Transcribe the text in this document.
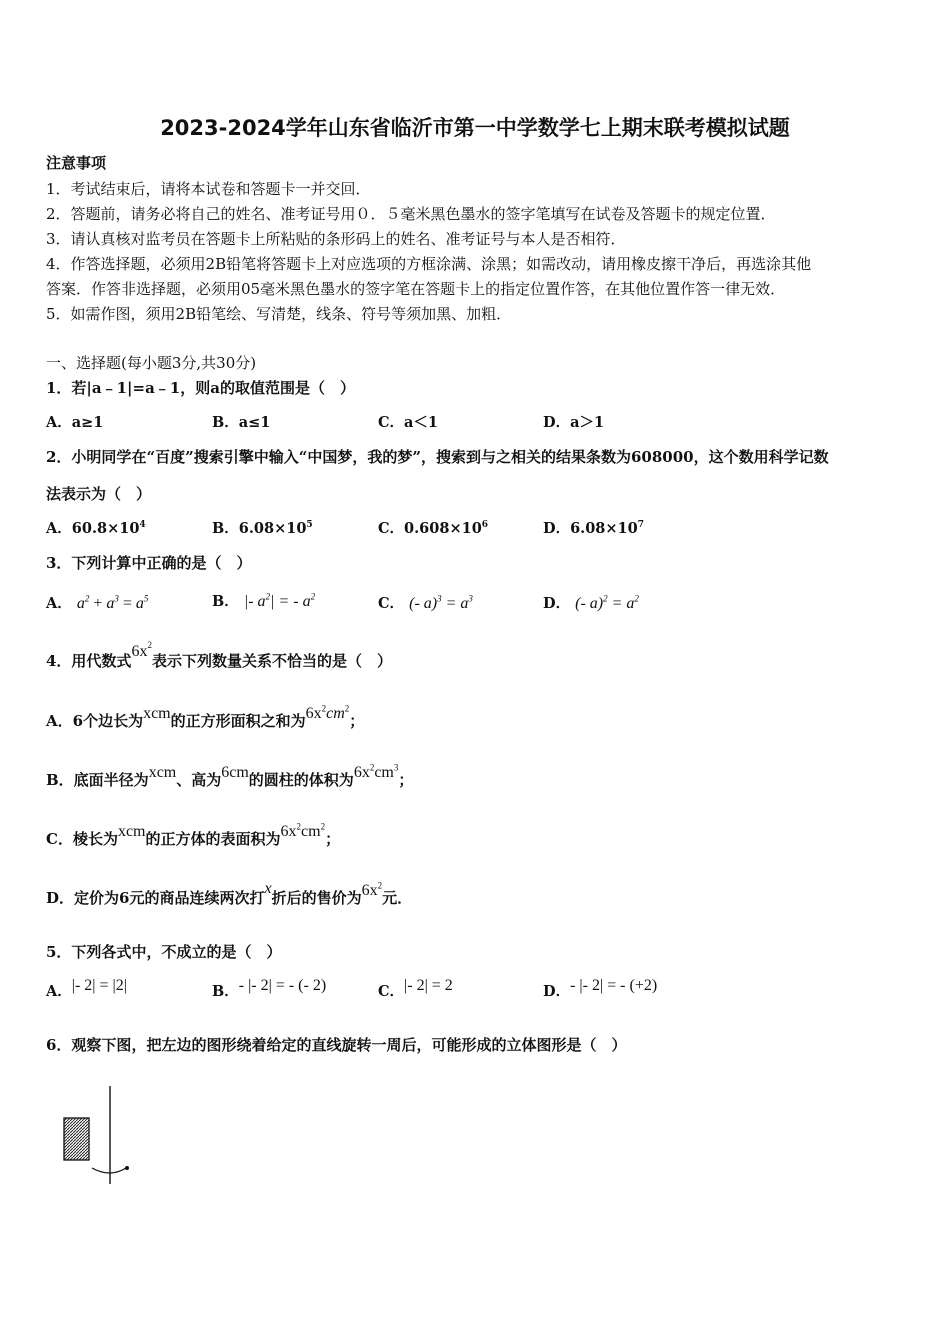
2023-2024学年山东省临沂市第一中学数学七上期末联考模拟试题
注意事项
1．考试结束后，请将本试卷和答题卡一并交回．
2．答题前，请务必将自己的姓名、准考证号用０．５毫米黑色墨水的签字笔填写在试卷及答题卡的规定位置．
3．请认真核对监考员在答题卡上所粘贴的条形码上的姓名、准考证号与本人是否相符．
4．作答选择题，必须用2B铅笔将答题卡上对应选项的方框涂满、涂黑；如需改动，请用橡皮擦干净后，再选涂其他
答案．作答非选择题，必须用05毫米黑色墨水的签字笔在答题卡上的指定位置作答，在其他位置作答一律无效．
5．如需作图，须用2B铅笔绘、写清楚，线条、符号等须加黑、加粗．
一、选择题(每小题3分,共30分)
1．若|a﹣1|=a﹣1，则a的取值范围是（　）
A．a≥1	B．a≤1	C．a＜1	D．a＞1
2．小明同学在“百度”搜索引擎中输入“中国梦，我的梦”，搜索到与之相关的结果条数为608000，这个数用科学记数
法表示为（　）
A．$60.8\times 10^4$	B．$6.08\times 10^5$	C．$0.608\times 10^6$	D．$6.08\times 10^7$
3．下列计算中正确的是（　）
A． $a^2 + a^3 = a^5$	B． |- $a^2|$ = - $a^2$	C． (- $a)^3 = a^3$	D． (- $a)^2 = a^2$
4．用代数式$6x^2$表示下列数量关系不恰当的是（　）
A．6个边长为xcm的正方形面积之和为$6x^2cm^2$；
B．底面半径为xcm、高为6cm的圆柱的体积为$6x^2cm^3$；
C．棱长为xcm的正方体的表面积为$6x^2cm^2$；
D．定价为6元的商品连续两次打x折后的售价为$6x^2$元．
5．下列各式中，不成立的是（　）
A．|- 2| = |2|	B．- |- 2| = - (- 2)	C．|- 2| = 2	D．- |- 2| = - (+2)
6．观察下图，把左边的图形绕着给定的直线旋转一周后，可能形成的立体图形是（　）
